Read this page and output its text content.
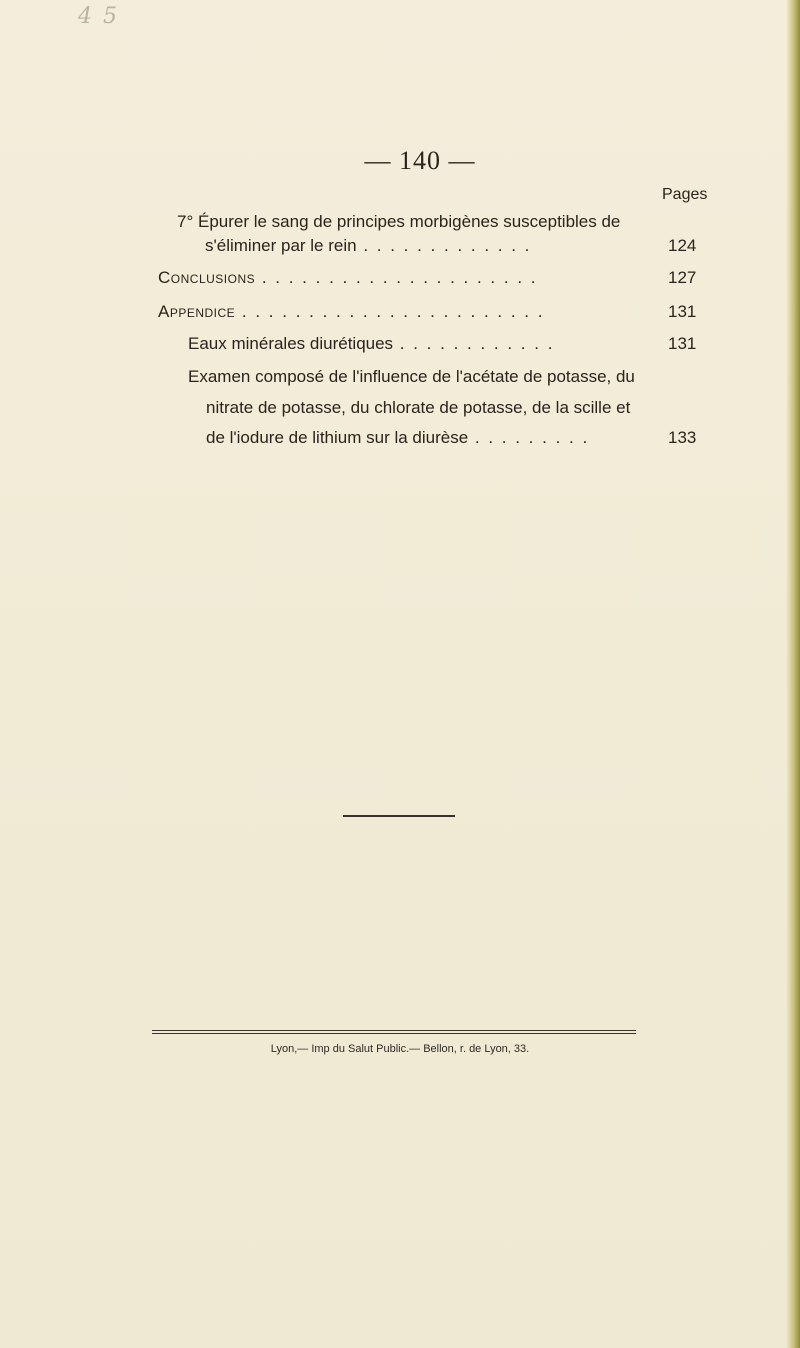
4 5
— 140 —
Pages
7° Épurer le sang de principes morbigènes susceptibles de
s'éliminer par le rein . . . . . . . . . . . . .	124
Conclusions . . . . . . . . . . . . . . . . . . . . .	127
Appendice . . . . . . . . . . . . . . . . . . . . . . .	131
Eaux minérales diurétiques . . . . . . . . . . . .	131
Examen composé de l'influence de l'acétate de potasse, du
nitrate de potasse, du chlorate de potasse, de la scille et
de l'iodure de lithium sur la diurèse . . . . . . . . .	133
Lyon,— Imp du Salut Public.— Bellon, r. de Lyon, 33.
